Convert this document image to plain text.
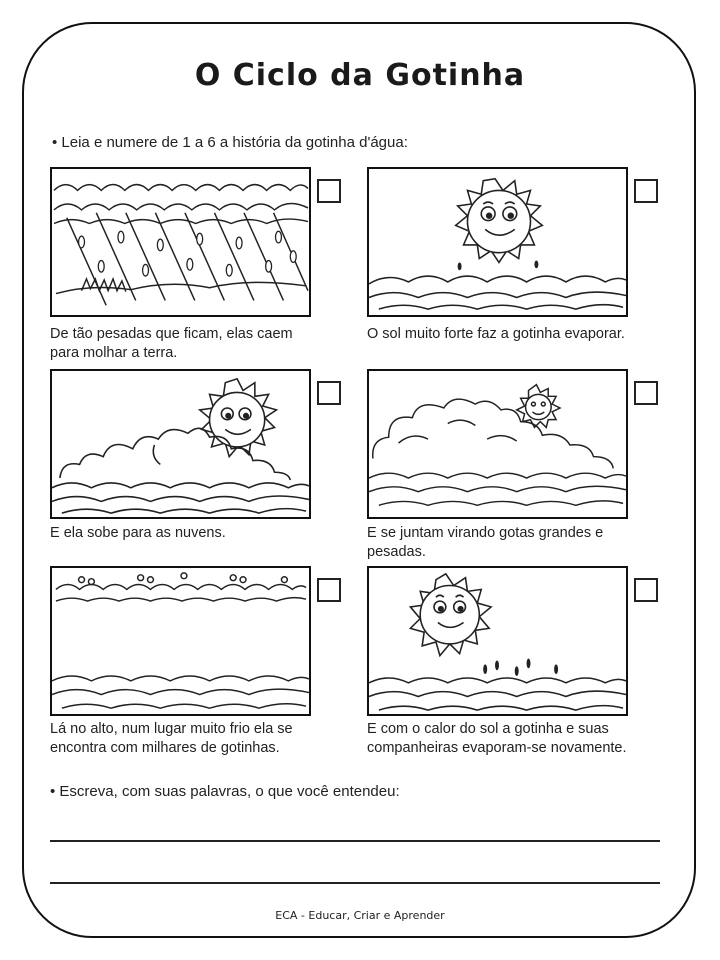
O Ciclo da Gotinha
• Leia e numere de 1 a 6 a história da gotinha d'água:
De tão pesadas que ficam, elas caem para molhar a terra.
O sol muito forte faz a gotinha evaporar.
E ela sobe para as nuvens.	E se juntam virando gotas grandes e pesadas.
Lá no alto, num lugar muito frio ela se encontra com milhares de gotinhas.
E com o calor do sol a gotinha e suas companheiras evaporam-se novamente.
• Escreva, com suas palavras, o que você entendeu:
ECA - Educar, Criar e Aprender
